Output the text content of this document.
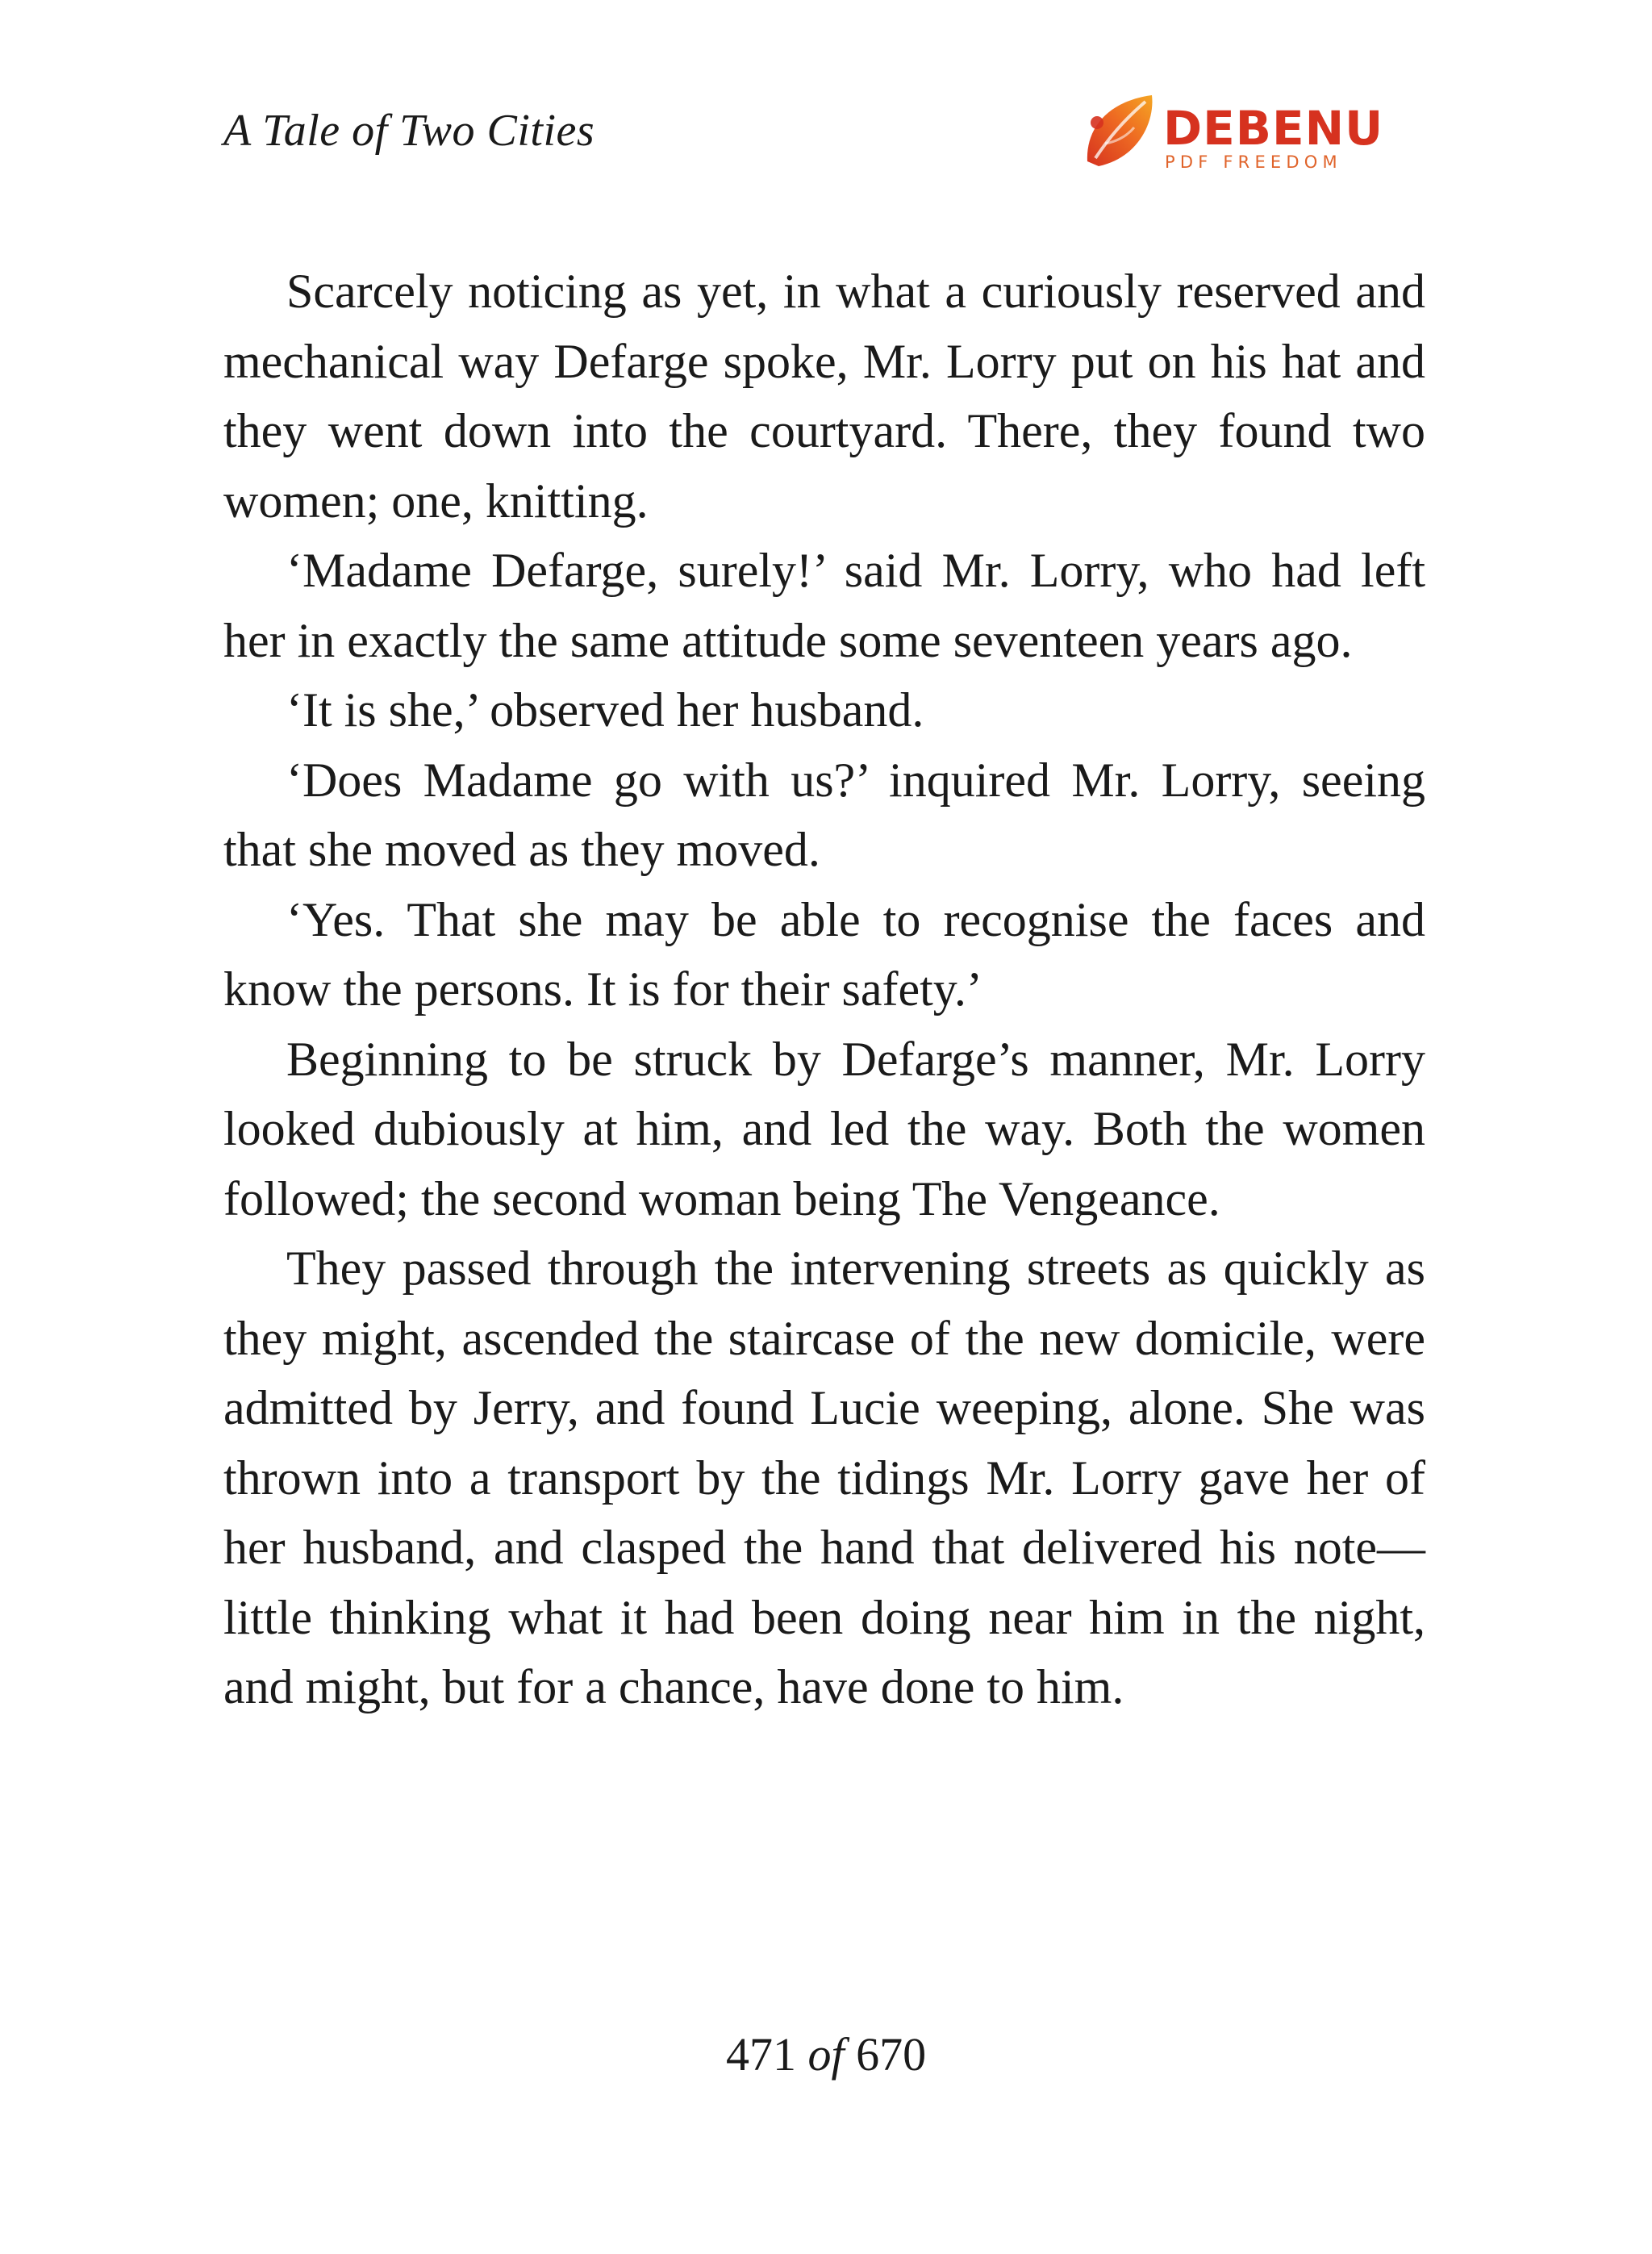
A Tale of Two Cities	DEBENU
PDF FREEDOM

Scarcely noticing as yet, in what a curiously reserved and mechanical way Defarge spoke, Mr. Lorry put on his hat and they went down into the courtyard. There, they found two women; one, knitting.

‘Madame Defarge, surely!’ said Mr. Lorry, who had left her in exactly the same attitude some seventeen years ago.

‘It is she,’ observed her husband.

‘Does Madame go with us?’ inquired Mr. Lorry, seeing that she moved as they moved.

‘Yes. That she may be able to recognise the faces and know the persons. It is for their safety.’

Beginning to be struck by Defarge’s manner, Mr. Lorry looked dubiously at him, and led the way. Both the women followed; the second woman being The Vengeance.

They passed through the intervening streets as quickly as they might, ascended the staircase of the new domicile, were admitted by Jerry, and found Lucie weeping, alone. She was thrown into a transport by the tidings Mr. Lorry gave her of her husband, and clasped the hand that delivered his note—little thinking what it had been doing near him in the night, and might, but for a chance, have done to him.

471 of 670
